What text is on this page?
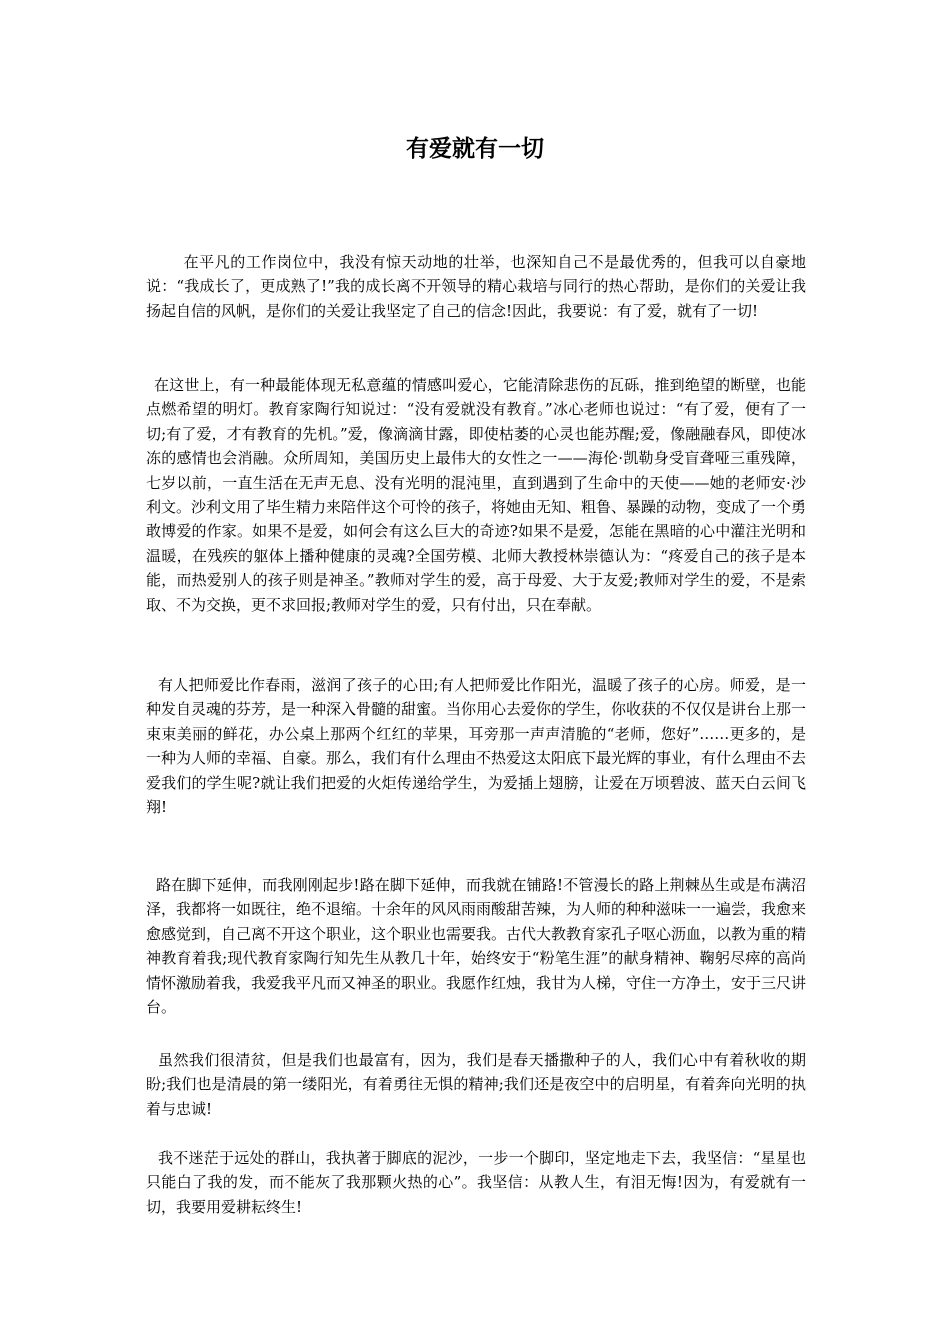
有爱就有一切

　在平凡的工作岗位中，我没有惊天动地的壮举，也深知自己不是最优秀的，但我可以自豪地说：“我成长了，更成熟了!”我的成长离不开领导的精心栽培与同行的热心帮助，是你们的关爱让我扬起自信的风帆，是你们的关爱让我坚定了自己的信念!因此，我要说：有了爱，就有了一切!

在这世上，有一种最能体现无私意蕴的情感叫爱心，它能清除悲伤的瓦砾，推到绝望的断壁，也能点燃希望的明灯。教育家陶行知说过：“没有爱就没有教育。”冰心老师也说过：“有了爱，便有了一切;有了爱，才有教育的先机。”爱，像滴滴甘露，即使枯萎的心灵也能苏醒;爱，像融融春风，即使冰冻的感情也会消融。众所周知，美国历史上最伟大的女性之一——海伦·凯勒身受盲聋哑三重残障，七岁以前，一直生活在无声无息、没有光明的混沌里，直到遇到了生命中的天使——她的老师安·沙利文。沙利文用了毕生精力来陪伴这个可怜的孩子，将她由无知、粗鲁、暴躁的动物，变成了一个勇敢博爱的作家。如果不是爱，如何会有这么巨大的奇迹?如果不是爱，怎能在黑暗的心中灌注光明和温暖，在残疾的躯体上播种健康的灵魂?全国劳模、北师大教授林崇德认为：“疼爱自己的孩子是本能，而热爱别人的孩子则是神圣。”教师对学生的爱，高于母爱、大于友爱;教师对学生的爱，不是索取、不为交换，更不求回报;教师对学生的爱，只有付出，只在奉献。

有人把师爱比作春雨，滋润了孩子的心田;有人把师爱比作阳光，温暖了孩子的心房。师爱，是一种发自灵魂的芬芳，是一种深入骨髓的甜蜜。当你用心去爱你的学生，你收获的不仅仅是讲台上那一束束美丽的鲜花，办公桌上那两个红红的苹果，耳旁那一声声清脆的“老师，您好”……更多的，是一种为人师的幸福、自豪。那么，我们有什么理由不热爱这太阳底下最光辉的事业，有什么理由不去爱我们的学生呢?就让我们把爱的火炬传递给学生，为爱插上翅膀，让爱在万顷碧波、蓝天白云间飞翔!

路在脚下延伸，而我刚刚起步!路在脚下延伸，而我就在铺路!不管漫长的路上荆棘丛生或是布满沼泽，我都将一如既往，绝不退缩。十余年的风风雨雨酸甜苦辣，为人师的种种滋味一一遍尝，我愈来愈感觉到，自己离不开这个职业，这个职业也需要我。古代大教教育家孔子呕心沥血，以教为重的精神教育着我;现代教育家陶行知先生从教几十年，始终安于“粉笔生涯”的献身精神、鞠躬尽瘁的高尚情怀激励着我，我爱我平凡而又神圣的职业。我愿作红烛，我甘为人梯，守住一方净土，安于三尺讲台。

虽然我们很清贫，但是我们也最富有，因为，我们是春天播撒种子的人，我们心中有着秋收的期盼;我们也是清晨的第一缕阳光，有着勇往无惧的精神;我们还是夜空中的启明星，有着奔向光明的执着与忠诚!

我不迷茫于远处的群山，我执著于脚底的泥沙，一步一个脚印，坚定地走下去，我坚信：“星星也只能白了我的发，而不能灰了我那颗火热的心”。我坚信：从教人生，有泪无悔!因为，有爱就有一切，我要用爱耕耘终生!
